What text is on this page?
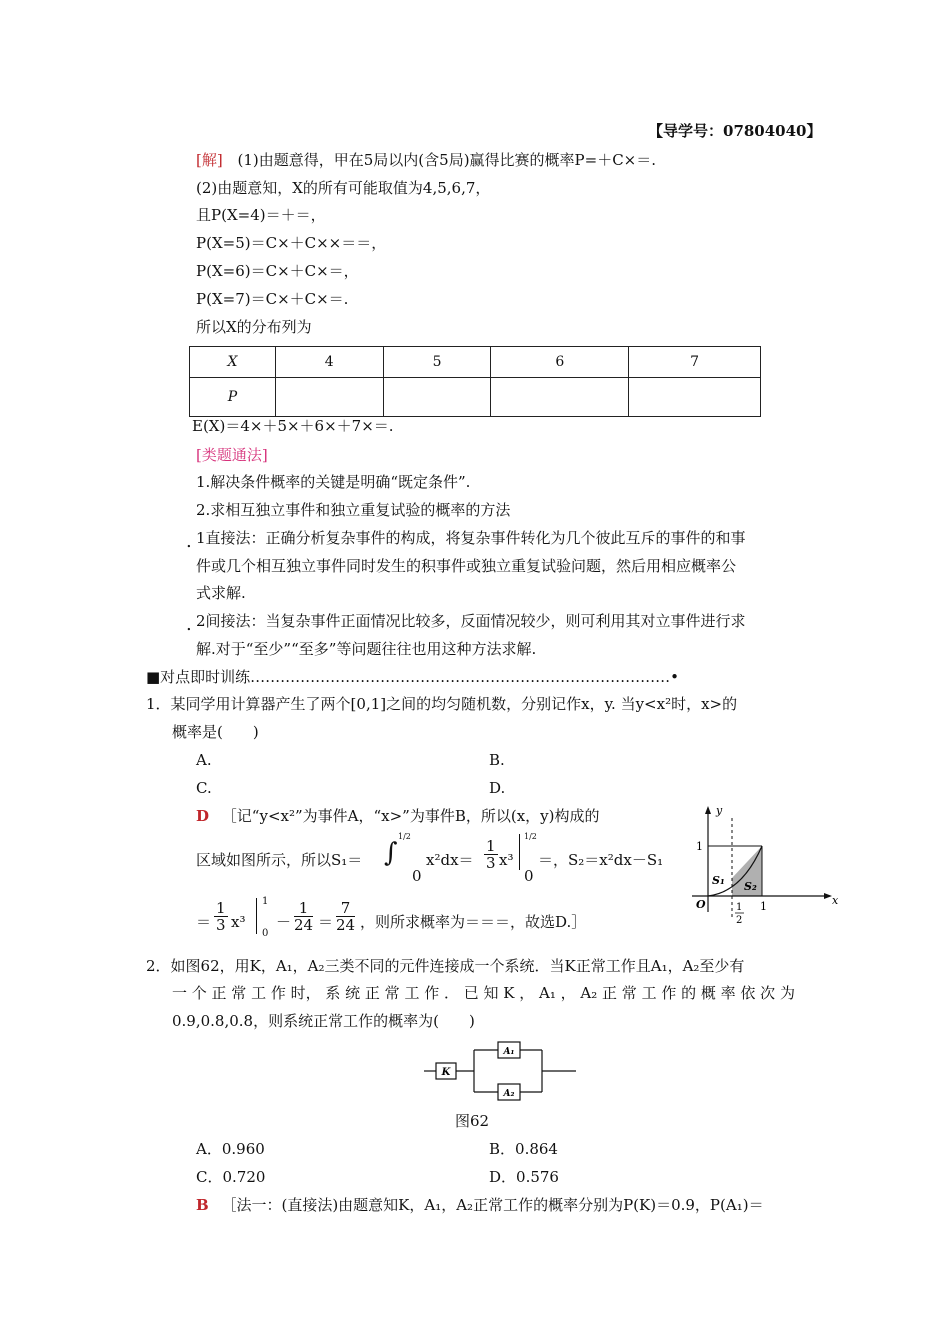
【导学号：07804040】
[解] (1)由题意得，甲在5局以内(含5局)赢得比赛的概率P=＋C×＝.
(2)由题意知，X的所有可能取值为4,5,6,7，
且P(X=4)＝＋＝，
P(X=5)＝C×＋C××＝＝，
P(X=6)＝C×＋C×＝，
P(X=7)＝C×＋C×＝.
所以X的分布列为
X	4	5	6	7
P				
E(X)＝4×＋5×＋6×＋7×＝.
[类题通法]
1.解决条件概率的关键是明确“既定条件”.
2.求相互独立事件和独立重复试验的概率的方法
. 1直接法：正确分析复杂事件的构成，将复杂事件转化为几个彼此互斥的事件的和事
件或几个相互独立事件同时发生的积事件或独立重复试验问题，然后用相应概率公
式求解.
. 2间接法：当复杂事件正面情况比较多，反面情况较少，则可利用其对立事件进行求
解.对于“至少”“至多”等问题往往也用这种方法求解.
■对点即时训练…………………………………………………………………………•
1．某同学用计算器产生了两个[0,1]之间的均匀随机数，分别记作x，y. 当y<x²时，x>的
概率是(　　)
A.	B.
C.	D.
D ［记“y<x²”为事件A，“x>”为事件B，所以(x，y)构成的
区域如图所示，所以S₁＝ ∫
1/2
0
$x^2dx= \frac{1}{3} x^3$
1/2
0
＝，S₂＝x²dx－S₁
＝ $\frac{1}{3} x^3$
1
0
－ $\frac{1}{24} = \frac{7}{24}$ ，则所求概率为＝＝＝，故选D.］
y
x
1
O	1
1
2
S₁ S₂
2．如图62，用K，A₁，A₂三类不同的元件连接成一个系统．当K正常工作且A₁，A₂至少有
一 个 正 常 工 作 时， 系 统 正 常 工 作 ． 已 知 K ， A₁ ， A₂ 正 常 工 作 的 概 率 依 次 为
0.9,0.8,0.8，则系统正常工作的概率为(　　)
K
A₁
A₂
图62
A．0.960	B．0.864
C．0.720	D．0.576
B ［法一：(直接法)由题意知K，A₁，A₂正常工作的概率分别为P(K)＝0.9，P(A₁)＝
